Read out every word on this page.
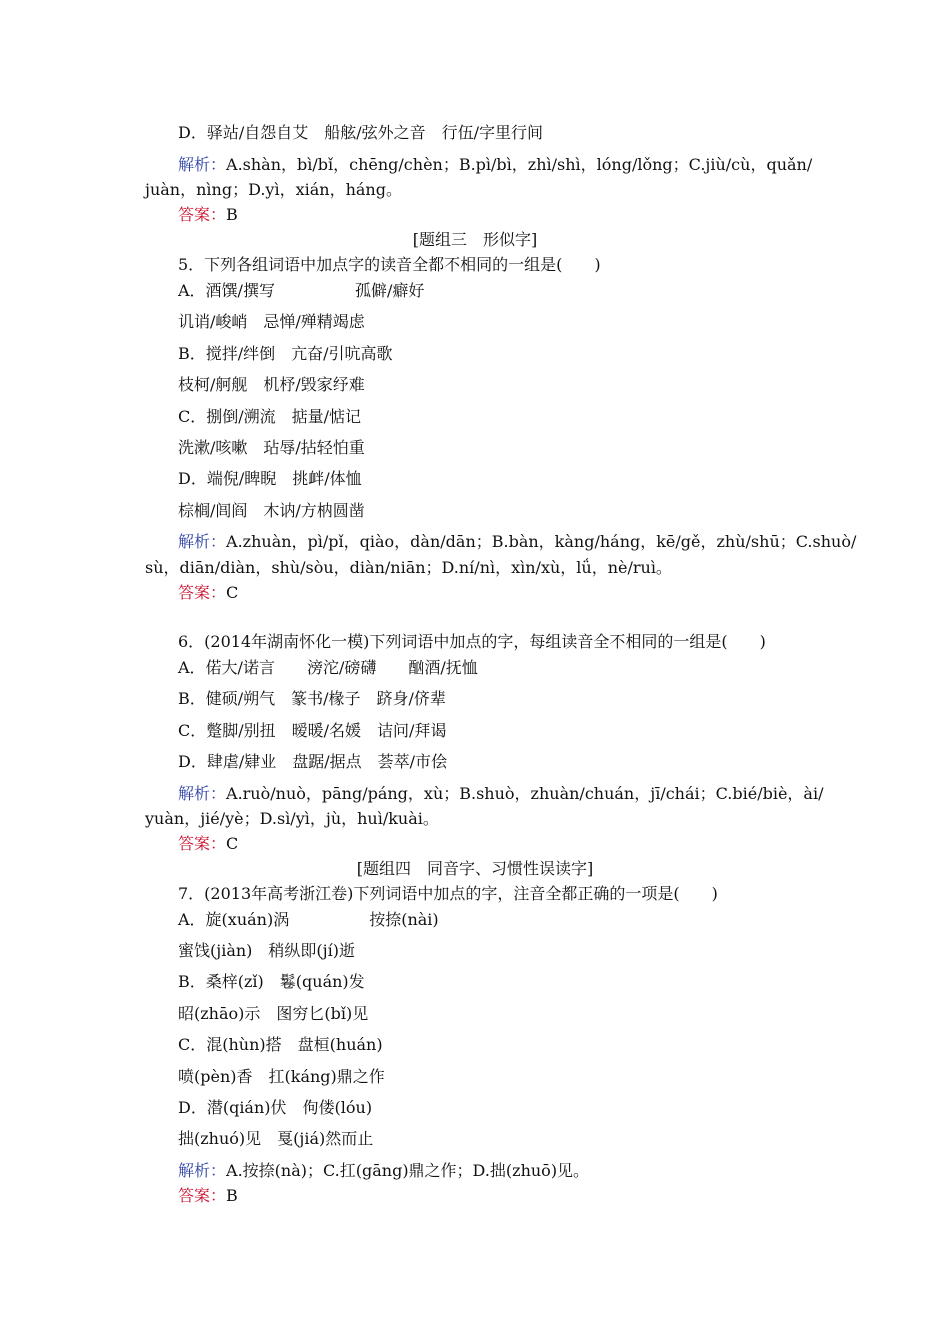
D．驿站/自怨自艾　船舷/弦外之音　行伍/字里行间
解析：A.shàn，bì/bǐ，chēng/chèn；B.pì/bì，zhì/shì，lóng/lǒng；C.jiù/cù，quǎn/
juàn，nìng；D.yì，xián，háng。
答案：B
[题组三　形似字]
5．下列各组词语中加点字的读音全都不相同的一组是(　　)
A．酒馔/撰写　　　　　孤僻/癖好
讥诮/峻峭　忌惮/殚精竭虑
B．搅拌/绊倒　亢奋/引吭高歌
枝柯/舸舰　机杼/毁家纾难
C．捌倒/溯流　掂量/惦记
洗漱/咳嗽　玷辱/拈轻怕重
D．端倪/睥睨　挑衅/体恤
棕榈/闾阎　木讷/方枘圆凿
解析：A.zhuàn，pì/pǐ，qiào，dàn/dān；B.bàn，kàng/háng，kē/gě，zhù/shū；C.shuò/
sù，diān/diàn，shù/sòu，diàn/niān；D.ní/nì，xìn/xù，lǘ，nè/ruì。
答案：C
6．(2014年湖南怀化一模)下列词语中加点的字，每组读音全不相同的一组是(　　)
A．偌大/诺言　　滂沱/磅礴　　酗酒/抚恤
B．健硕/朔气　篆书/椽子　跻身/侪辈
C．蹩脚/别扭　暧暖/名媛　诘问/拜谒
D．肆虐/肄业　盘踞/据点　荟萃/市侩
解析：A.ruò/nuò，pāng/páng，xù；B.shuò，zhuàn/chuán，jī/chái；C.bié/biè，ài/
yuàn，jié/yè；D.sì/yì，jù，huì/kuài。
答案：C
[题组四　同音字、习惯性误读字]
7．(2013年高考浙江卷)下列词语中加点的字，注音全都正确的一项是(　　)
A．旋(xuán)涡　　　　　按捺(nài)
蜜饯(jiàn)　稍纵即(jí)逝
B．桑梓(zǐ)　鬈(quán)发
昭(zhāo)示　图穷匕(bǐ)见
C．混(hùn)搭　盘桓(huán)
喷(pèn)香　扛(káng)鼎之作
D．潜(qián)伏　佝偻(lóu)
拙(zhuó)见　戛(jiá)然而止
解析：A.按捺(nà)；C.扛(gāng)鼎之作；D.拙(zhuō)见。
答案：B
